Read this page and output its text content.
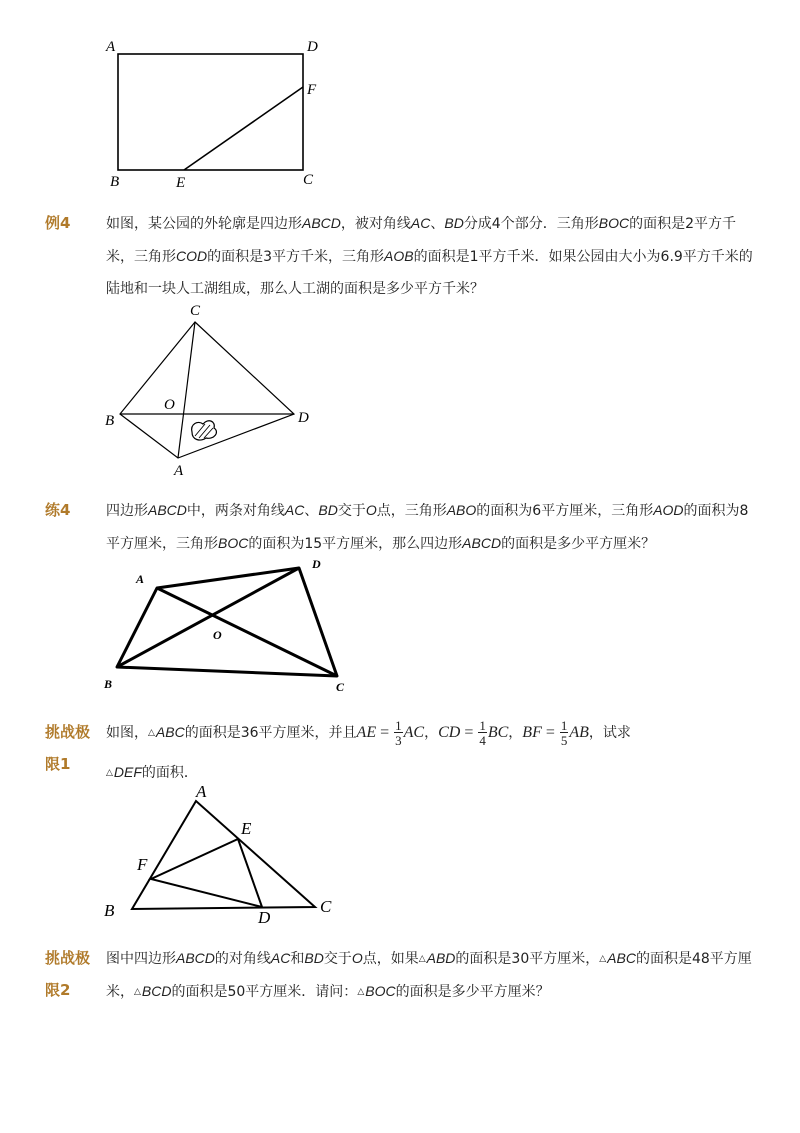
A	D
F
B	E	C
例4	如图，某公园的外轮廓是四边形ABCD，被对角线AC、BD分成4个部分．三角形BOC的面积是2平方千米，三角形COD的面积是3平方千米，三角形AOB的面积是1平方千米．如果公园由大小为6.9平方千米的陆地和一块人工湖组成，那么人工湖的面积是多少平方千米？
C
O
B	D
A
练4	四边形ABCD中，两条对角线AC、BD交于O点，三角形ABO的面积为6平方厘米，三角形AOD的面积为8平方厘米，三角形BOC的面积为15平方厘米，那么四边形ABCD的面积是多少平方厘米？
A
D
O
B	C
挑战极限1
如图，△ABC的面积是36平方厘米，并且AE = $\frac{1}{3}$ AC，CD = $\frac{1}{4}$ BC，BF = $\frac{1}{5}$ AB，试求
△DEF的面积．
A
E
F
B	D
C
挑战极限2
图中四边形ABCD的对角线AC和BD交于O点，如果△ABD的面积是30平方厘米，△ABC的面积是48平方厘米，△BCD的面积是50平方厘米．请问：△BOC的面积是多少平方厘米？
